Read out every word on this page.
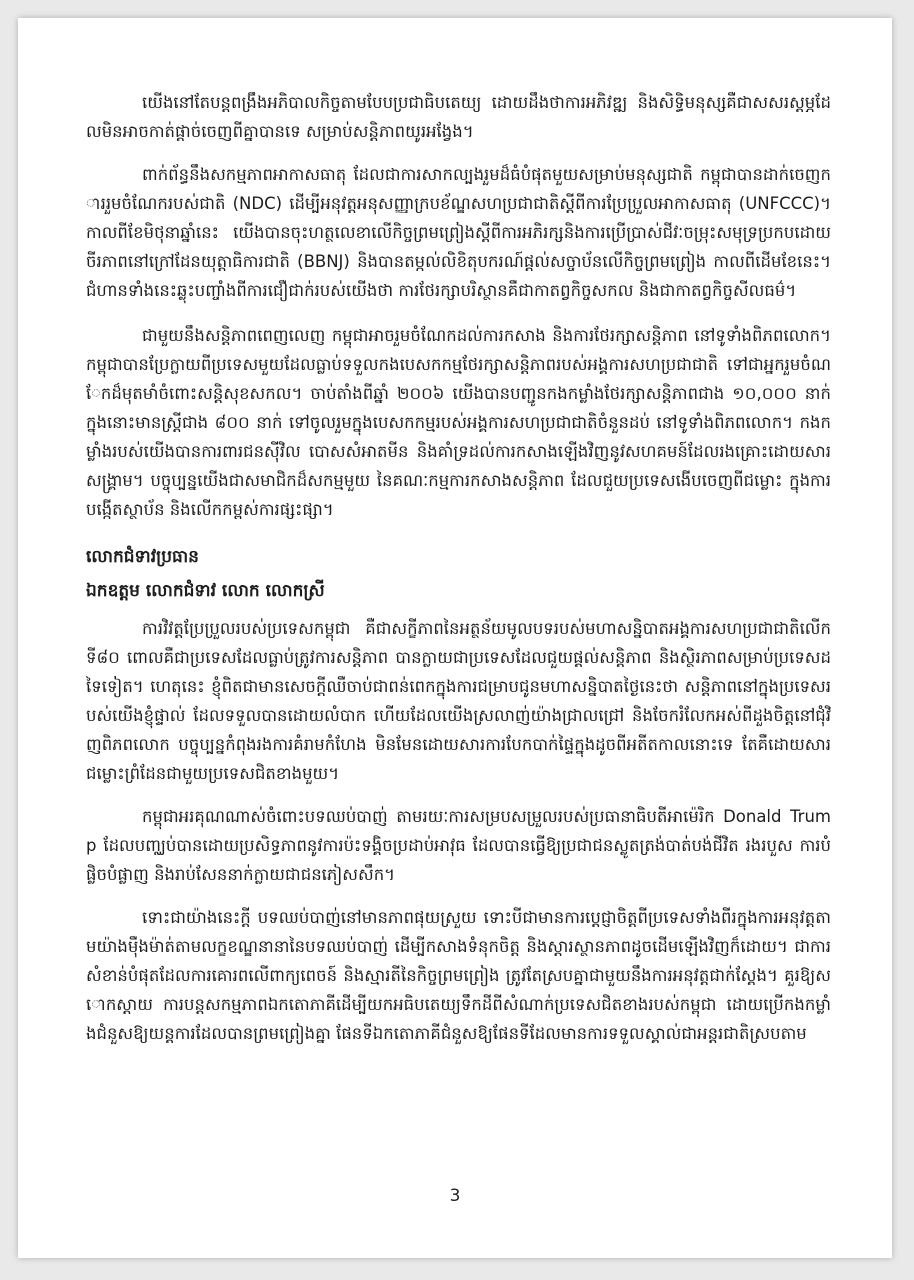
យើងនៅតែបន្តពង្រឹងអភិបាលកិច្ចតាមបែបប្រជាធិបតេយ្យ ដោយដឹងថាការអភិវឌ្ឍ និងសិទ្ធិមនុស្សគឺជាសសរស្តម្ភដែលមិនអាចកាត់ផ្តាច់ចេញពីគ្នាបានទេ សម្រាប់សន្តិភាពយូរអង្វែង។

ពាក់ព័ន្ធនឹងសកម្មភាពអាកាសធាតុ ដែលជាការសាកល្បងរួមដ៏ធំបំផុតមួយសម្រាប់មនុស្សជាតិ កម្ពុជាបានដាក់ចេញការរួមចំណែករបស់ជាតិ (NDC) ដើម្បីអនុវត្តអនុសញ្ញាក្របខ័ណ្ឌសហប្រជាជាតិស្តីពីការប្រែប្រួលអាកាសធាតុ (UNFCCC)។ កាលពីខែមិថុនាឆ្នាំនេះ យើងបានចុះហត្ថលេខាលើកិច្ចព្រមព្រៀងស្តីពីការអភិរក្សនិងការប្រើប្រាស់ជីវៈចម្រុះសមុទ្រប្រកបដោយចីរភាពនៅក្រៅដែនយុត្តាធិការជាតិ (BBNJ) និងបានតម្កល់លិខិតុបករណ៍ផ្តល់សច្ចាប័នលើកិច្ចព្រមព្រៀង កាលពីដើមខែនេះ។ ជំហានទាំងនេះឆ្លុះបញ្ចាំងពីការជឿជាក់របស់យើងថា ការថែរក្សាបរិស្ថានគឺជាកាតព្វកិច្ចសកល និងជាកាតព្វកិច្ចសីលធម៌។

ជាមួយនឹងសន្តិភាពពេញលេញ កម្ពុជាអាចរួមចំណែកដល់ការកសាង និងការថែរក្សាសន្តិភាព នៅទូទាំងពិភពលោក។ កម្ពុជាបានប្រែក្លាយពីប្រទេសមួយដែលធ្លាប់ទទួលកងបេសកកម្មថែរក្សាសន្តិភាពរបស់អង្គការសហប្រជាជាតិ ទៅជាអ្នករួមចំណែកដ៏មុតមាំចំពោះសន្តិសុខសកល។ ចាប់តាំងពីឆ្នាំ ២០០៦ យើងបានបញ្ជូនកងកម្លាំងថែរក្សាសន្តិភាពជាង ១០,០០០ នាក់ ក្នុងនោះមានស្ត្រីជាង ៨០០ នាក់ ទៅចូលរួមក្នុងបេសកកម្មរបស់អង្គការសហប្រជាជាតិចំនួនដប់ នៅទូទាំងពិភពលោក។ កងកម្លាំងរបស់យើងបានការពារជនស៊ីវិល បោសសំអាតមីន និងគាំទ្រដល់ការកសាងឡើងវិញនូវសហគមន៍ដែលរងគ្រោះដោយសារសង្គ្រាម។ បច្ចុប្បន្នយើងជាសមាជិកដ៏សកម្មមួយ នៃគណៈកម្មការកសាងសន្តិភាព ដែលជួយប្រទេសងើបចេញពីជម្លោះ ក្នុងការបង្កើតស្ថាប័ន និងលើកកម្ពស់ការផ្សះផ្សា។

លោកជំទាវប្រធាន

ឯកឧត្តម លោកជំទាវ លោក លោកស្រី

ការវិវត្តប្រែប្រួលរបស់ប្រទេសកម្ពុជា គឺជាសក្ខីភាពនៃអត្ថន័យមូលបទរបស់មហាសន្និបាតអង្គការសហប្រជាជាតិលើកទី៨០ ពោលគឺជាប្រទេសដែលធ្លាប់ត្រូវការសន្តិភាព បានក្លាយជាប្រទេសដែលជួយផ្តល់សន្តិភាព និងស្ថិរភាពសម្រាប់ប្រទេសដទៃទៀត។ ហេតុនេះ ខ្ញុំពិតជាមានសេចក្តីឈឺចាប់ជាពន់ពេកក្នុងការជម្រាបជូនមហាសន្និបាតថ្ងៃនេះថា សន្តិភាពនៅក្នុងប្រទេសរបស់យើងខ្ញុំផ្ទាល់ ដែលទទួលបានដោយលំបាក ហើយដែលយើងស្រលាញ់យ៉ាងជ្រាលជ្រៅ និងចែករំលែកអស់ពីដួងចិត្តនៅជុំវិញពិភពលោក បច្ចុប្បន្នកំពុងរងការគំរាមកំហែង មិនមែនដោយសារការបែកបាក់ផ្ទៃក្នុងដូចពីអតីតកាលនោះទេ តែគឺដោយសារជម្លោះព្រំដែនជាមួយប្រទេសជិតខាងមួយ។

កម្ពុជាអរគុណណាស់ចំពោះបទឈប់បាញ់ តាមរយៈការសម្របសម្រួលរបស់ប្រធានាធិបតីអាម៉េរិក Donald Trump ដែលបញ្ឈប់បានដោយប្រសិទ្ធភាពនូវការប៉ះទង្គិចប្រដាប់អាវុធ ដែលបានធ្វើឱ្យប្រជាជនស្លូតត្រង់បាត់បង់ជីវិត រងរបួស ការបំផ្លិចបំផ្លាញ និងរាប់សែននាក់ក្លាយជាជនភៀសសឹក។

ទោះជាយ៉ាងនេះក្តី បទឈប់បាញ់នៅមានភាពផុយស្រួយ ទោះបីជាមានការប្តេជ្ញាចិត្តពីប្រទេសទាំងពីរក្នុងការអនុវត្តតាមយ៉ាងម៉ឺងម៉ាត់តាមលក្ខខណ្ឌនានានៃបទឈប់បាញ់ ដើម្បីកសាងទំនុកចិត្ត និងស្តារស្ថានភាពដូចដើមឡើងវិញក៏ដោយ។ ជាការសំខាន់បំផុតដែលការគោរពលើពាក្យពេចន៍ និងស្មារតីនៃកិច្ចព្រមព្រៀង ត្រូវតែស្របគ្នាជាមួយនឹងការអនុវត្តជាក់ស្តែង។ គួរឱ្យសោកស្តាយ ការបន្តសកម្មភាពឯកតោភាគីដើម្បីយកអធិបតេយ្យទឹកដីពីសំណាក់ប្រទេសជិតខាងរបស់កម្ពុជា ដោយប្រើកងកម្លាំងជំនួសឱ្យយន្តការដែលបានព្រមព្រៀងគ្នា ផែនទីឯកតោភាគីជំនួសឱ្យផែនទីដែលមានការទទួលស្គាល់ជាអន្តរជាតិស្របតាម

3
